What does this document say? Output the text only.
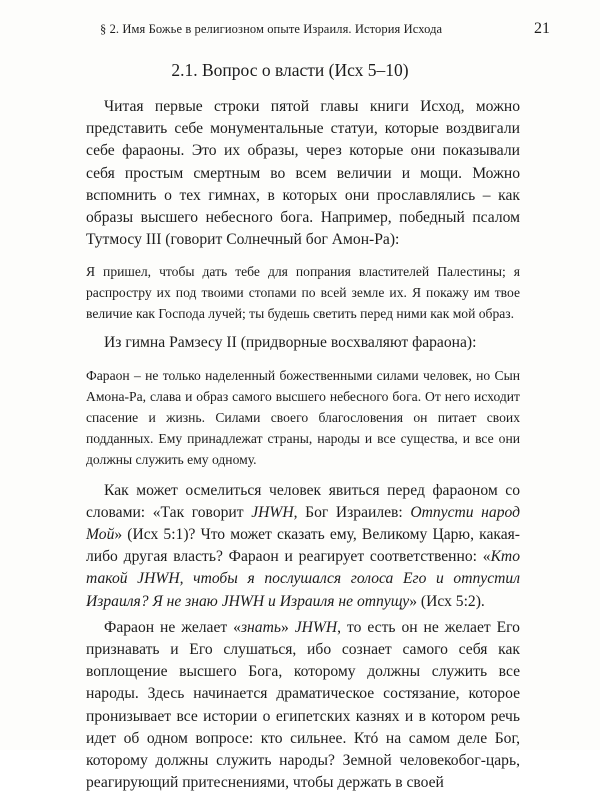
§ 2. Имя Божье в религиозном опыте Израиля. История Исхода	21
2.1. Вопрос о власти (Исх 5–10)

Читая первые строки пятой главы книги Исход, можно представить себе монументальные статуи, которые воздвигали себе фараоны. Это их образы, через которые они показывали себя простым смертным во всем величии и мощи. Можно вспомнить о тех гимнах, в которых они прославлялись – как образы высшего небесного бога. Например, победный псалом Тутмосу III (говорит Солнечный бог Амон-Ра):

Я пришел, чтобы дать тебе для попрания властителей Палестины; я распростру их под твоими стопами по всей земле их. Я покажу им твое величие как Господа лучей; ты будешь светить перед ними как мой образ.

Из гимна Рамзесу II (придворные восхваляют фараона):

Фараон – не только наделенный божественными силами человек, но Сын Амона-Ра, слава и образ самого высшего небесного бога. От него исходит спасение и жизнь. Силами своего благословения он питает своих подданных. Ему принадлежат страны, народы и все существа, и все они должны служить ему одному.

Как может осмелиться человек явиться перед фараоном со словами: «Так говорит JHWH, Бог Израилев: Отпусти народ Мой» (Исх 5:1)? Что может сказать ему, Великому Царю, какая-либо другая власть? Фараон и реагирует соответственно: «Кто такой JHWH, чтобы я послушался голоса Его и отпустил Израиля? Я не знаю JHWH и Израиля не отпущу» (Исх 5:2).

Фараон не желает «знать» JHWH, то есть он не желает Его признавать и Его слушаться, ибо сознает самого себя как воплощение высшего Бога, которому должны служить все народы. Здесь начинается драматическое состязание, которое пронизывает все истории о египетских казнях и в котором речь идет об одном вопросе: кто сильнее. Ктó на самом деле Бог, которому должны служить народы? Земной человекобог-царь, реагирующий притеснениями, чтобы держать в своей
